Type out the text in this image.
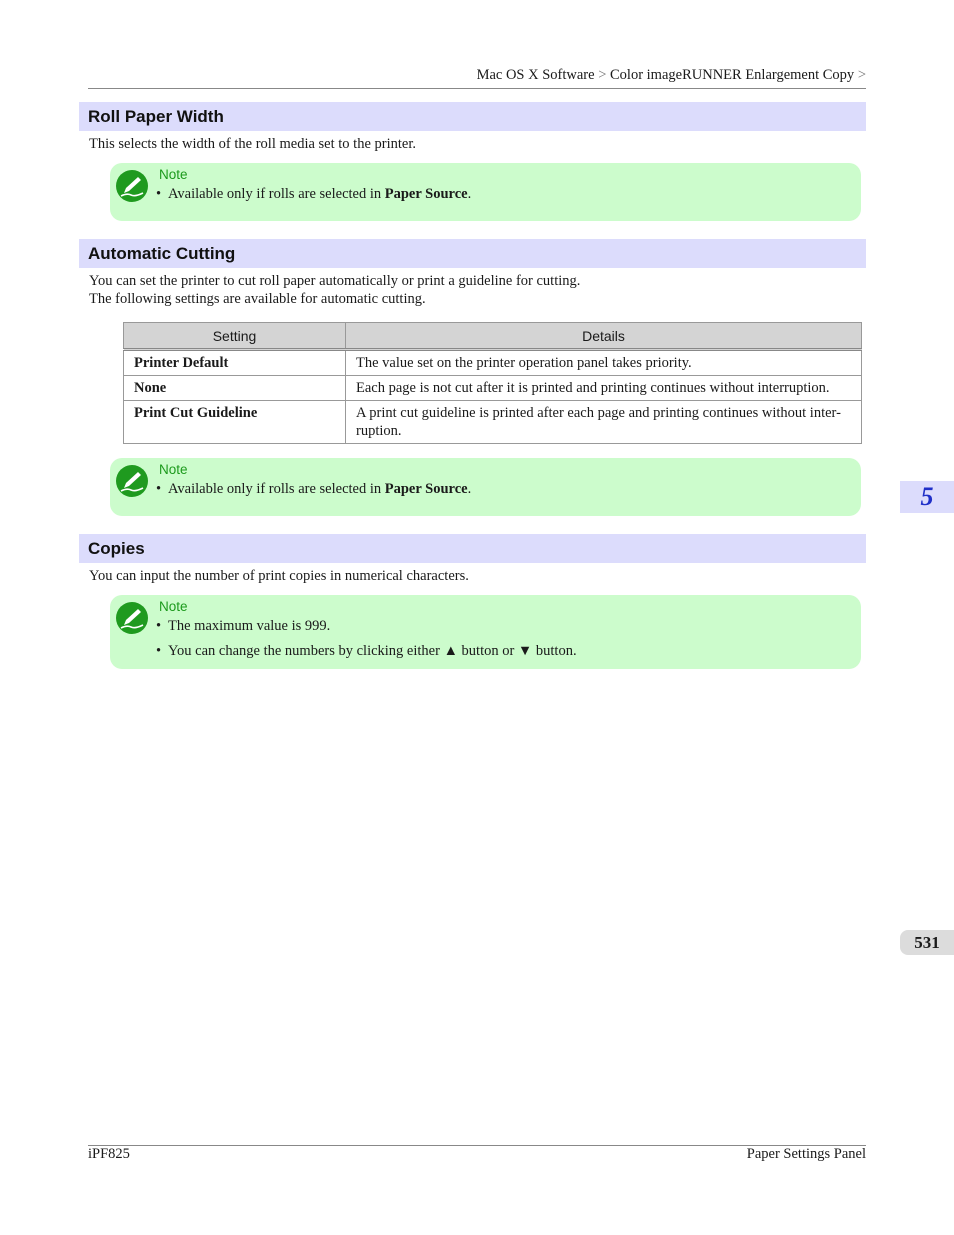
Mac OS X Software > Color imageRUNNER Enlargement Copy >
Roll Paper Width
This selects the width of the roll media set to the printer.
Note
• Available only if rolls are selected in Paper Source.
Automatic Cutting
You can set the printer to cut roll paper automatically or print a guideline for cutting.
The following settings are available for automatic cutting.
Setting	Details
Printer Default	The value set on the printer operation panel takes priority.
None	Each page is not cut after it is printed and printing continues without interruption.
Print Cut Guideline	A print cut guideline is printed after each page and printing continues without inter-ruption.
Note
• Available only if rolls are selected in Paper Source.
Copies
You can input the number of print copies in numerical characters.
Note
• The maximum value is 999.
• You can change the numbers by clicking either ▲ button or ▼ button.
5
531
iPF825	Paper Settings Panel
